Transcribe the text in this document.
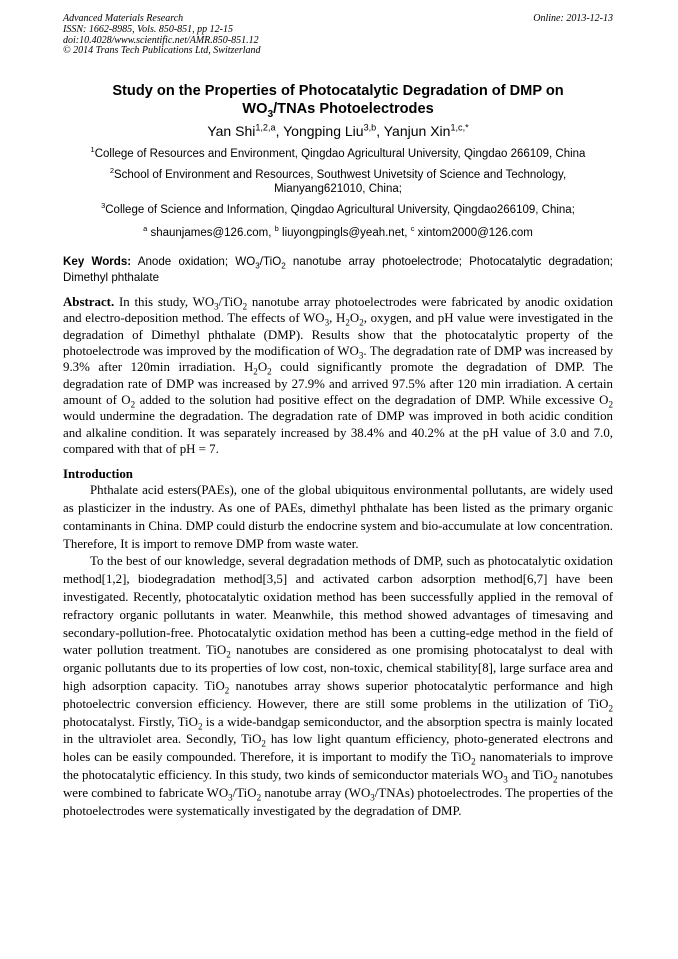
Advanced Materials Research
ISSN: 1662-8985, Vols. 850-851, pp 12-15
doi:10.4028/www.scientific.net/AMR.850-851.12
© 2014 Trans Tech Publications Ltd, Switzerland
Online: 2013-12-13
Study on the Properties of Photocatalytic Degradation of DMP on
$WO_3$/TNAs Photoelectrodes
Yan Shi$^{1,2,a}$, Yongping Liu$^{3,b}$, Yanjun Xin$^{1,c,*}$
$^1$College of Resources and Environment, Qingdao Agricultural University, Qingdao 266109, China
$^2$School of Environment and Resources, Southwest Univetsity of Science and Technology,
Mianyang621010, China;
$^3$College of Science and Information, Qingdao Agricultural University, Qingdao266109, China;
$^a$ shaunjames@126.com, $^b$ liuyongpingls@yeah.net, $^c$ xintom2000@126.com
Key Words: Anode oxidation; $WO_3/TiO_2$ nanotube array photoelectrode; Photocatalytic degradation; Dimethyl phthalate
Abstract. In this study, $WO_3/TiO_2$ nanotube array photoelectrodes were fabricated by anodic oxidation and electro-deposition method. The effects of $WO_3$, $H_2O_2$, oxygen, and pH value were investigated in the degradation of Dimethyl phthalate (DMP). Results show that the photocatalytic property of the photoelectrode was improved by the modification of $WO_3$. The degradation rate of DMP was increased by 9.3% after 120min irradiation. $H_2O_2$ could significantly promote the degradation of DMP. The degradation rate of DMP was increased by 27.9% and arrived 97.5% after 120 min irradiation. A certain amount of $O_2$ added to the solution had positive effect on the degradation of DMP. While excessive $O_2$ would undermine the degradation. The degradation rate of DMP was improved in both acidic condition and alkaline condition. It was separately increased by 38.4% and 40.2% at the pH value of 3.0 and 7.0, compared with that of pH = 7.
Introduction

Phthalate acid esters(PAEs), one of the global ubiquitous environmental pollutants, are widely used as plasticizer in the industry. As one of PAEs, dimethyl phthalate has been listed as the primary organic contaminants in China. DMP could disturb the endocrine system and bio-accumulate at low concentration. Therefore, It is import to remove DMP from waste water.

To the best of our knowledge, several degradation methods of DMP, such as photocatalytic oxidation method[1,2], biodegradation method[3,5] and activated carbon adsorption method[6,7] have been investigated. Recently, photocatalytic oxidation method has been successfully applied in the removal of refractory organic pollutants in water. Meanwhile, this method showed advantages of timesaving and secondary-pollution-free. Photocatalytic oxidation method has been a cutting-edge method in the field of water pollution treatment. TiO$_2$ nanotubes are considered as one promising photocatalyst to deal with organic pollutants due to its properties of low cost, non-toxic, chemical stability[8], large surface area and high adsorption capacity. TiO$_2$ nanotubes array shows superior photocatalytic performance and high photoelectric conversion efficiency. However, there are still some problems in the utilization of TiO$_2$ photocatalyst. Firstly, TiO$_2$ is a wide-bandgap semiconductor, and the absorption spectra is mainly located in the ultraviolet area. Secondly, TiO$_2$ has low light quantum efficiency, photo-generated electrons and holes can be easily compounded. Therefore, it is important to modify the TiO$_2$ nanomaterials to improve the photocatalytic efficiency. In this study, two kinds of semiconductor materials $WO_3$ and TiO$_2$ nanotubes were combined to fabricate $WO_3/TiO_2$ nanotube array $(WO_3/TNAs)$ photoelectrodes. The properties of the photoelectrodes were systematically investigated by the degradation of DMP.
